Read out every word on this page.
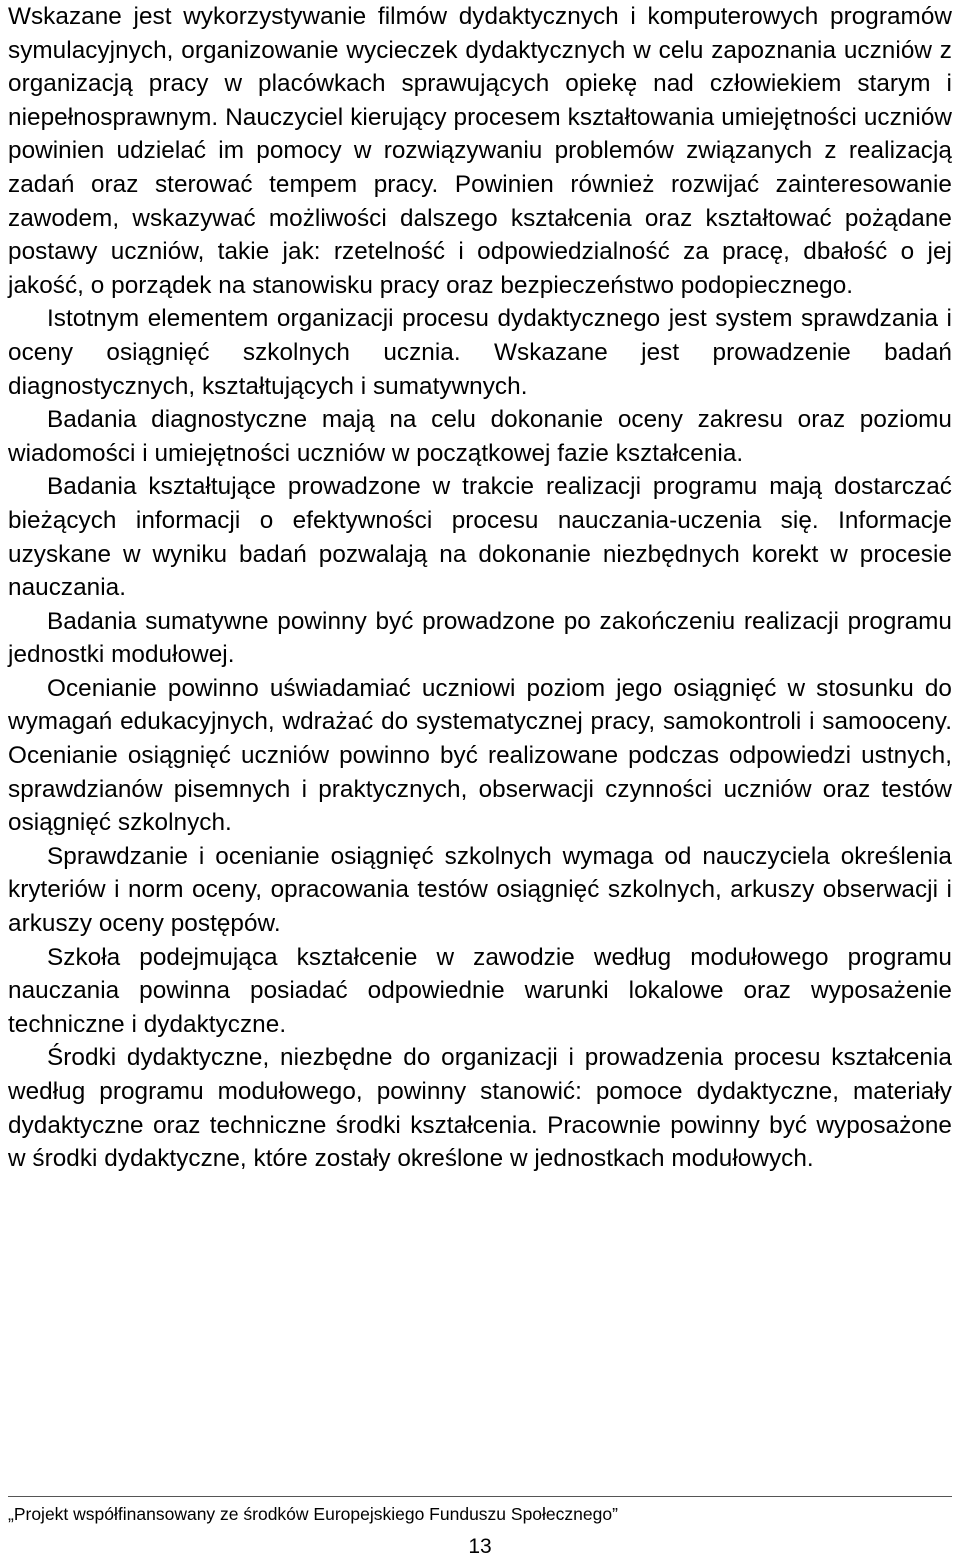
Wskazane jest wykorzystywanie filmów dydaktycznych i komputerowych programów symulacyjnych, organizowanie wycieczek dydaktycznych w celu zapoznania uczniów z organizacją pracy w placówkach sprawujących opiekę nad człowiekiem starym i niepełnosprawnym. Nauczyciel kierujący procesem kształtowania umiejętności uczniów powinien udzielać im pomocy w rozwiązywaniu problemów związanych z realizacją zadań oraz sterować tempem pracy. Powinien również rozwijać zainteresowanie zawodem, wskazywać możliwości dalszego kształcenia oraz kształtować pożądane postawy uczniów, takie jak: rzetelność i odpowiedzialność za pracę, dbałość o jej jakość, o porządek na stanowisku pracy oraz bezpieczeństwo podopiecznego.

Istotnym elementem organizacji procesu dydaktycznego jest system sprawdzania i oceny osiągnięć szkolnych ucznia. Wskazane jest prowadzenie badań diagnostycznych, kształtujących i sumatywnych.

Badania diagnostyczne mają na celu dokonanie oceny zakresu oraz poziomu wiadomości i umiejętności uczniów w początkowej fazie kształcenia.

Badania kształtujące prowadzone w trakcie realizacji programu mają dostarczać bieżących informacji o efektywności procesu nauczania-uczenia się. Informacje uzyskane w wyniku badań pozwalają na dokonanie niezbędnych korekt w procesie nauczania.

Badania sumatywne powinny być prowadzone po zakończeniu realizacji programu jednostki modułowej.

Ocenianie powinno uświadamiać uczniowi poziom jego osiągnięć w stosunku do wymagań edukacyjnych, wdrażać do systematycznej pracy, samokontroli i samooceny. Ocenianie osiągnięć uczniów powinno być realizowane podczas odpowiedzi ustnych, sprawdzianów pisemnych i praktycznych, obserwacji czynności uczniów oraz testów osiągnięć szkolnych.

Sprawdzanie i ocenianie osiągnięć szkolnych wymaga od nauczyciela określenia kryteriów i norm oceny, opracowania testów osiągnięć szkolnych, arkuszy obserwacji i arkuszy oceny postępów.

Szkoła podejmująca kształcenie w zawodzie według modułowego programu nauczania powinna posiadać odpowiednie warunki lokalowe oraz wyposażenie techniczne i dydaktyczne.

Środki dydaktyczne, niezbędne do organizacji i prowadzenia procesu kształcenia według programu modułowego, powinny stanowić: pomoce dydaktyczne, materiały dydaktyczne oraz techniczne środki kształcenia. Pracownie powinny być wyposażone w środki dydaktyczne, które zostały określone w jednostkach modułowych.

„Projekt współfinansowany ze środków Europejskiego Funduszu Społecznego”
13
